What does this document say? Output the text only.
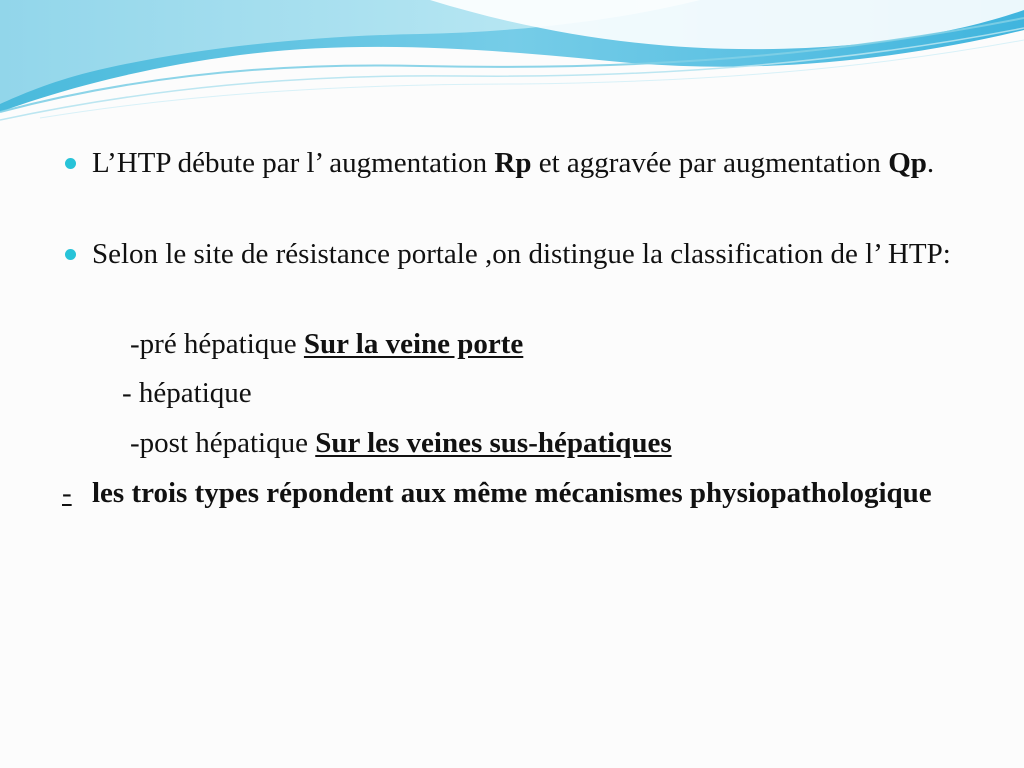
L’HTP débute par l’ augmentation Rp et aggravée par augmentation Qp.
Selon le site de résistance portale ,on distingue la classification de l’ HTP:
-pré hépatique Sur la veine porte
- hépatique
-post hépatique Sur les veines sus-hépatiques
- les trois types répondent aux même mécanismes physiopathologique
